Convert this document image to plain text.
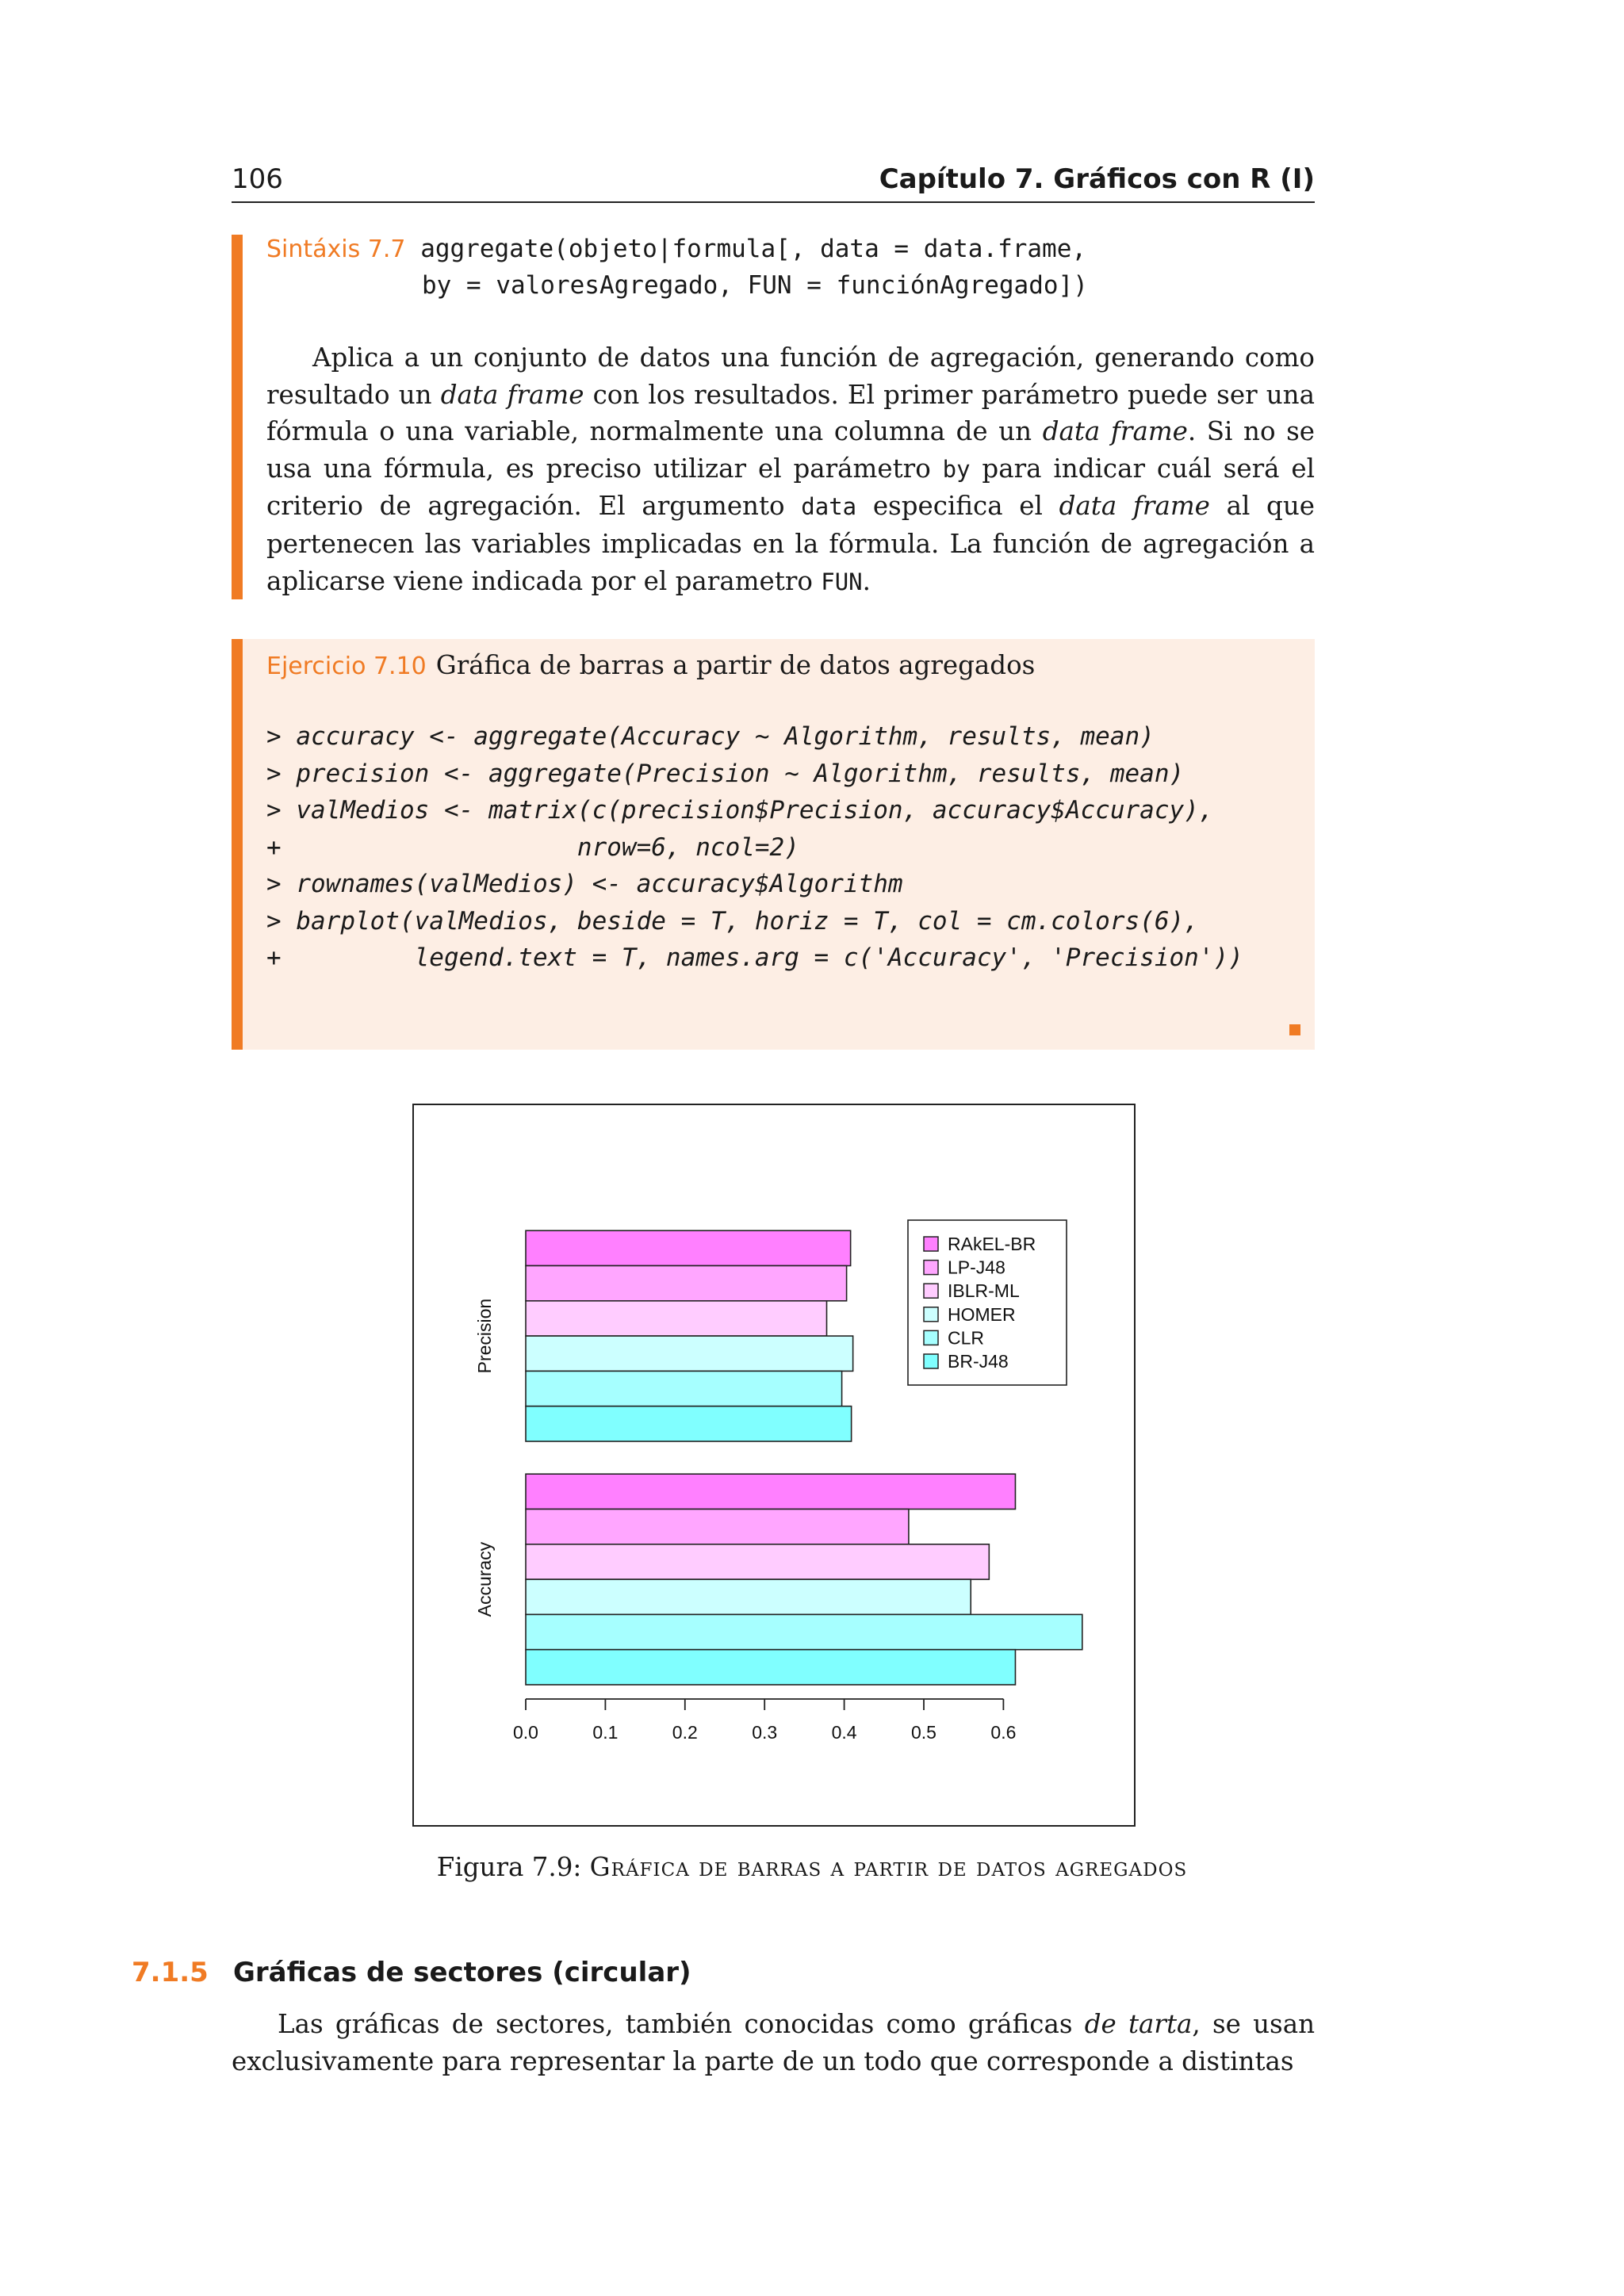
106	Capítulo 7. Gráficos con R (I)
Sintáxis 7.7 aggregate(objeto|formula[, data = data.frame,
by = valoresAgregado, FUN = funciónAgregado])

Aplica a un conjunto de datos una función de agregación, generando como resultado un data frame con los resultados. El primer parámetro puede ser una fórmula o una variable, normalmente una columna de un data frame. Si no se usa una fórmula, es preciso utilizar el parámetro by para indicar cuál será el criterio de agregación. El argumento data especifica el data frame al que pertenecen las variables implicadas en la fórmula. La función de agregación a aplicarse viene indicada por el parametro FUN.

Ejercicio 7.10 Gráfica de barras a partir de datos agregados
> accuracy <- aggregate(Accuracy ~ Algorithm, results, mean)
> precision <- aggregate(Precision ~ Algorithm, results, mean)
> valMedios <- matrix(c(precision$Precision, accuracy$Accuracy),
+                    nrow=6, ncol=2)
> rownames(valMedios) <- accuracy$Algorithm
> barplot(valMedios, beside = T, horiz = T, col = cm.colors(6),
+         legend.text = T, names.arg = c('Accuracy', 'Precision'))
0.0	0.1	0.2	0.3	0.4	0.5	0.6
Accuracy
Precision
RAkEL-BR
LP-J48
IBLR-ML
HOMER
CLR
BR-J48
Figura 7.9: Gráfica de barras a partir de datos agregados
7.1.5 Gráficas de sectores (circular)

Las gráficas de sectores, también conocidas como gráficas de tarta, se usan exclusivamente para representar la parte de un todo que corresponde a distintas
